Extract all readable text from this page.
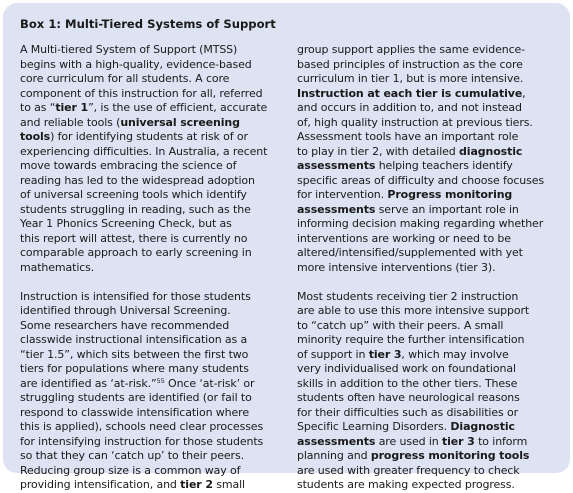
Box 1: Multi-Tiered Systems of Support

A Multi-tiered System of Support (MTSS)
begins with a high-quality, evidence-based
core curriculum for all students. A core
component of this instruction for all, referred
to as “tier 1”, is the use of efficient, accurate
and reliable tools (universal screening
tools) for identifying students at risk of or
experiencing difficulties. In Australia, a recent
move towards embracing the science of
reading has led to the widespread adoption
of universal screening tools which identify
students struggling in reading, such as the
Year 1 Phonics Screening Check, but as
this report will attest, there is currently no
comparable approach to early screening in
mathematics.

Instruction is intensified for those students
identified through Universal Screening.
Some researchers have recommended
classwide instructional intensification as a
“tier 1.5”, which sits between the first two
tiers for populations where many students
are identified as ‘at-risk.”$^{55}$ Once ‘at-risk’ or
struggling students are identified (or fail to
respond to classwide intensification where
this is applied), schools need clear processes
for intensifying instruction for those students
so that they can ‘catch up’ to their peers.
Reducing group size is a common way of
providing intensification, and tier 2 small

group support applies the same evidence-
based principles of instruction as the core
curriculum in tier 1, but is more intensive.
Instruction at each tier is cumulative,
and occurs in addition to, and not instead
of, high quality instruction at previous tiers.
Assessment tools have an important role
to play in tier 2, with detailed diagnostic
assessments helping teachers identify
specific areas of difficulty and choose focuses
for intervention. Progress monitoring
assessments serve an important role in
informing decision making regarding whether
interventions are working or need to be
altered/intensified/supplemented with yet
more intensive interventions (tier 3).

Most students receiving tier 2 instruction
are able to use this more intensive support
to “catch up” with their peers. A small
minority require the further intensification
of support in tier 3, which may involve
very individualised work on foundational
skills in addition to the other tiers. These
students often have neurological reasons
for their difficulties such as disabilities or
Specific Learning Disorders. Diagnostic
assessments are used in tier 3 to inform
planning and progress monitoring tools
are used with greater frequency to check
students are making expected progress.
